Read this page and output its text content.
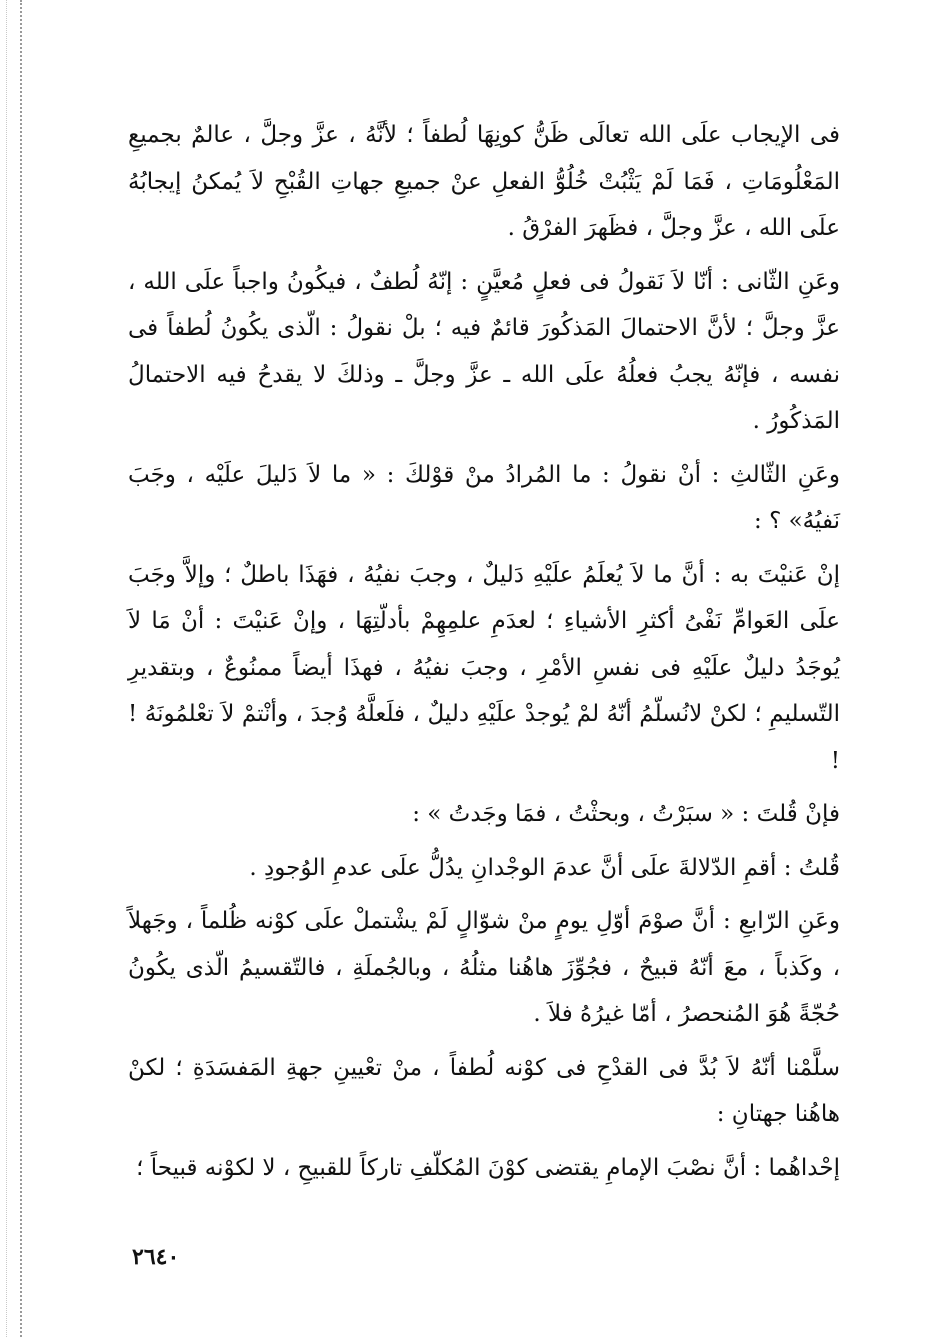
فى الإيجاب علَى الله تعالَى ظَنُّ كونِهَا لُطفاً ؛ لأنَّهُ ، عزَّ وجلَّ ، عالمٌ بجميعِ المَعْلُومَاتِ ، فَمَا لَمْ يَثْبُتْ خُلُوُّ الفعلِ عنْ جميعِ جهاتِ القُبْحِ لاَ يُمكنُ إيجابُهُ علَى الله ، عزَّ وجلَّ ، فظَهرَ الفرْقُ .

وعَنِ الثّانى : أنّا لاَ نَقولُ فى فعلٍ مُعيَّنٍ : إنّهُ لُطفٌ ، فيكُونُ واجباً علَى الله ، عزَّ وجلَّ ؛ لأنَّ الاحتمالَ المَذكُورَ قائمٌ فيه ؛ بلْ نقولُ : الّذى يكُونُ لُطفاً فى نفسه ، فإنّهُ يجبُ فعلُهُ علَى الله ـ عزَّ وجلَّ ـ وذلكَ لا يقدحُ فيه الاحتمالُ المَذكُورُ .

وعَنِ الثّالثِ : أنْ نقولُ : ما المُرادُ منْ قوْلكَ : « ما لاَ دَليلَ علَيْه ، وجَبَ نَفيُهُ» ؟ :

إنْ عَنيْتَ به : أنَّ ما لاَ يُعلَمُ علَيْهِ دَليلٌ ، وجبَ نفيُهُ ، فهَذَا باطلٌ ؛ وإلاَّ وجَبَ علَى العَوامِّ نَفْىُ أكثرِ الأشياءِ ؛ لعدَمِ علمِهِمْ بأدلّتِهَا ، وإنْ عَنيْتَ : أنْ مَا لاَ يُوجَدُ دليلٌ علَيْهِ فى نفسِ الأمْرِ ، وجبَ نفيُهُ ، فهذَا أيضاً ممنُوعٌ ، وبتقديرِ التّسليمِ ؛ لكنْ لانُسلّمُ أنّهُ لمْ يُوجدْ علَيْهِ دليلٌ ، فلَعلَّهُ وُجدَ ، وأنْتمْ لاَ تعْلمُونَهُ ! !

فإنْ قُلتَ : « سبَرْتُ ، وبحثْتُ ، فمَا وجَدتُ » :

قُلتُ : أقمِ الدّلالةَ علَى أنَّ عدمَ الوجْدانِ يدُلُّ علَى عدمِ الوُجودِ .

وعَنِ الرّابعِ : أنَّ صوْمَ أوّلِ يومٍ منْ شوّالٍ لَمْ يشْتملْ علَى كوْنه ظُلماً ، وجَهلاً ، وكَذباً ، معَ أنّهُ قبيحٌ ، فجُوِّزَ هاهُنا مثلُهُ ، وبالجُملَةِ ، فالتّقسيمُ الّذى يكُونُ حُجّةً هُوَ المُنحصرُ ، أمّا غيرُهُ فلاَ .

سلَّمْنا أنّهُ لاَ بُدَّ فى القدْحِ فى كوْنه لُطفاً ، منْ تعْيينِ جهةِ المَفسَدَةِ ؛ لكنْ هاهُنا جهتانِ :

إحْداهُما : أنَّ نصْبَ الإمامِ يقتضى كوْنَ المُكلّفِ تاركاً للقبيحِ ، لا لكوْنه قبيحاً ؛

٢٦٤٠
